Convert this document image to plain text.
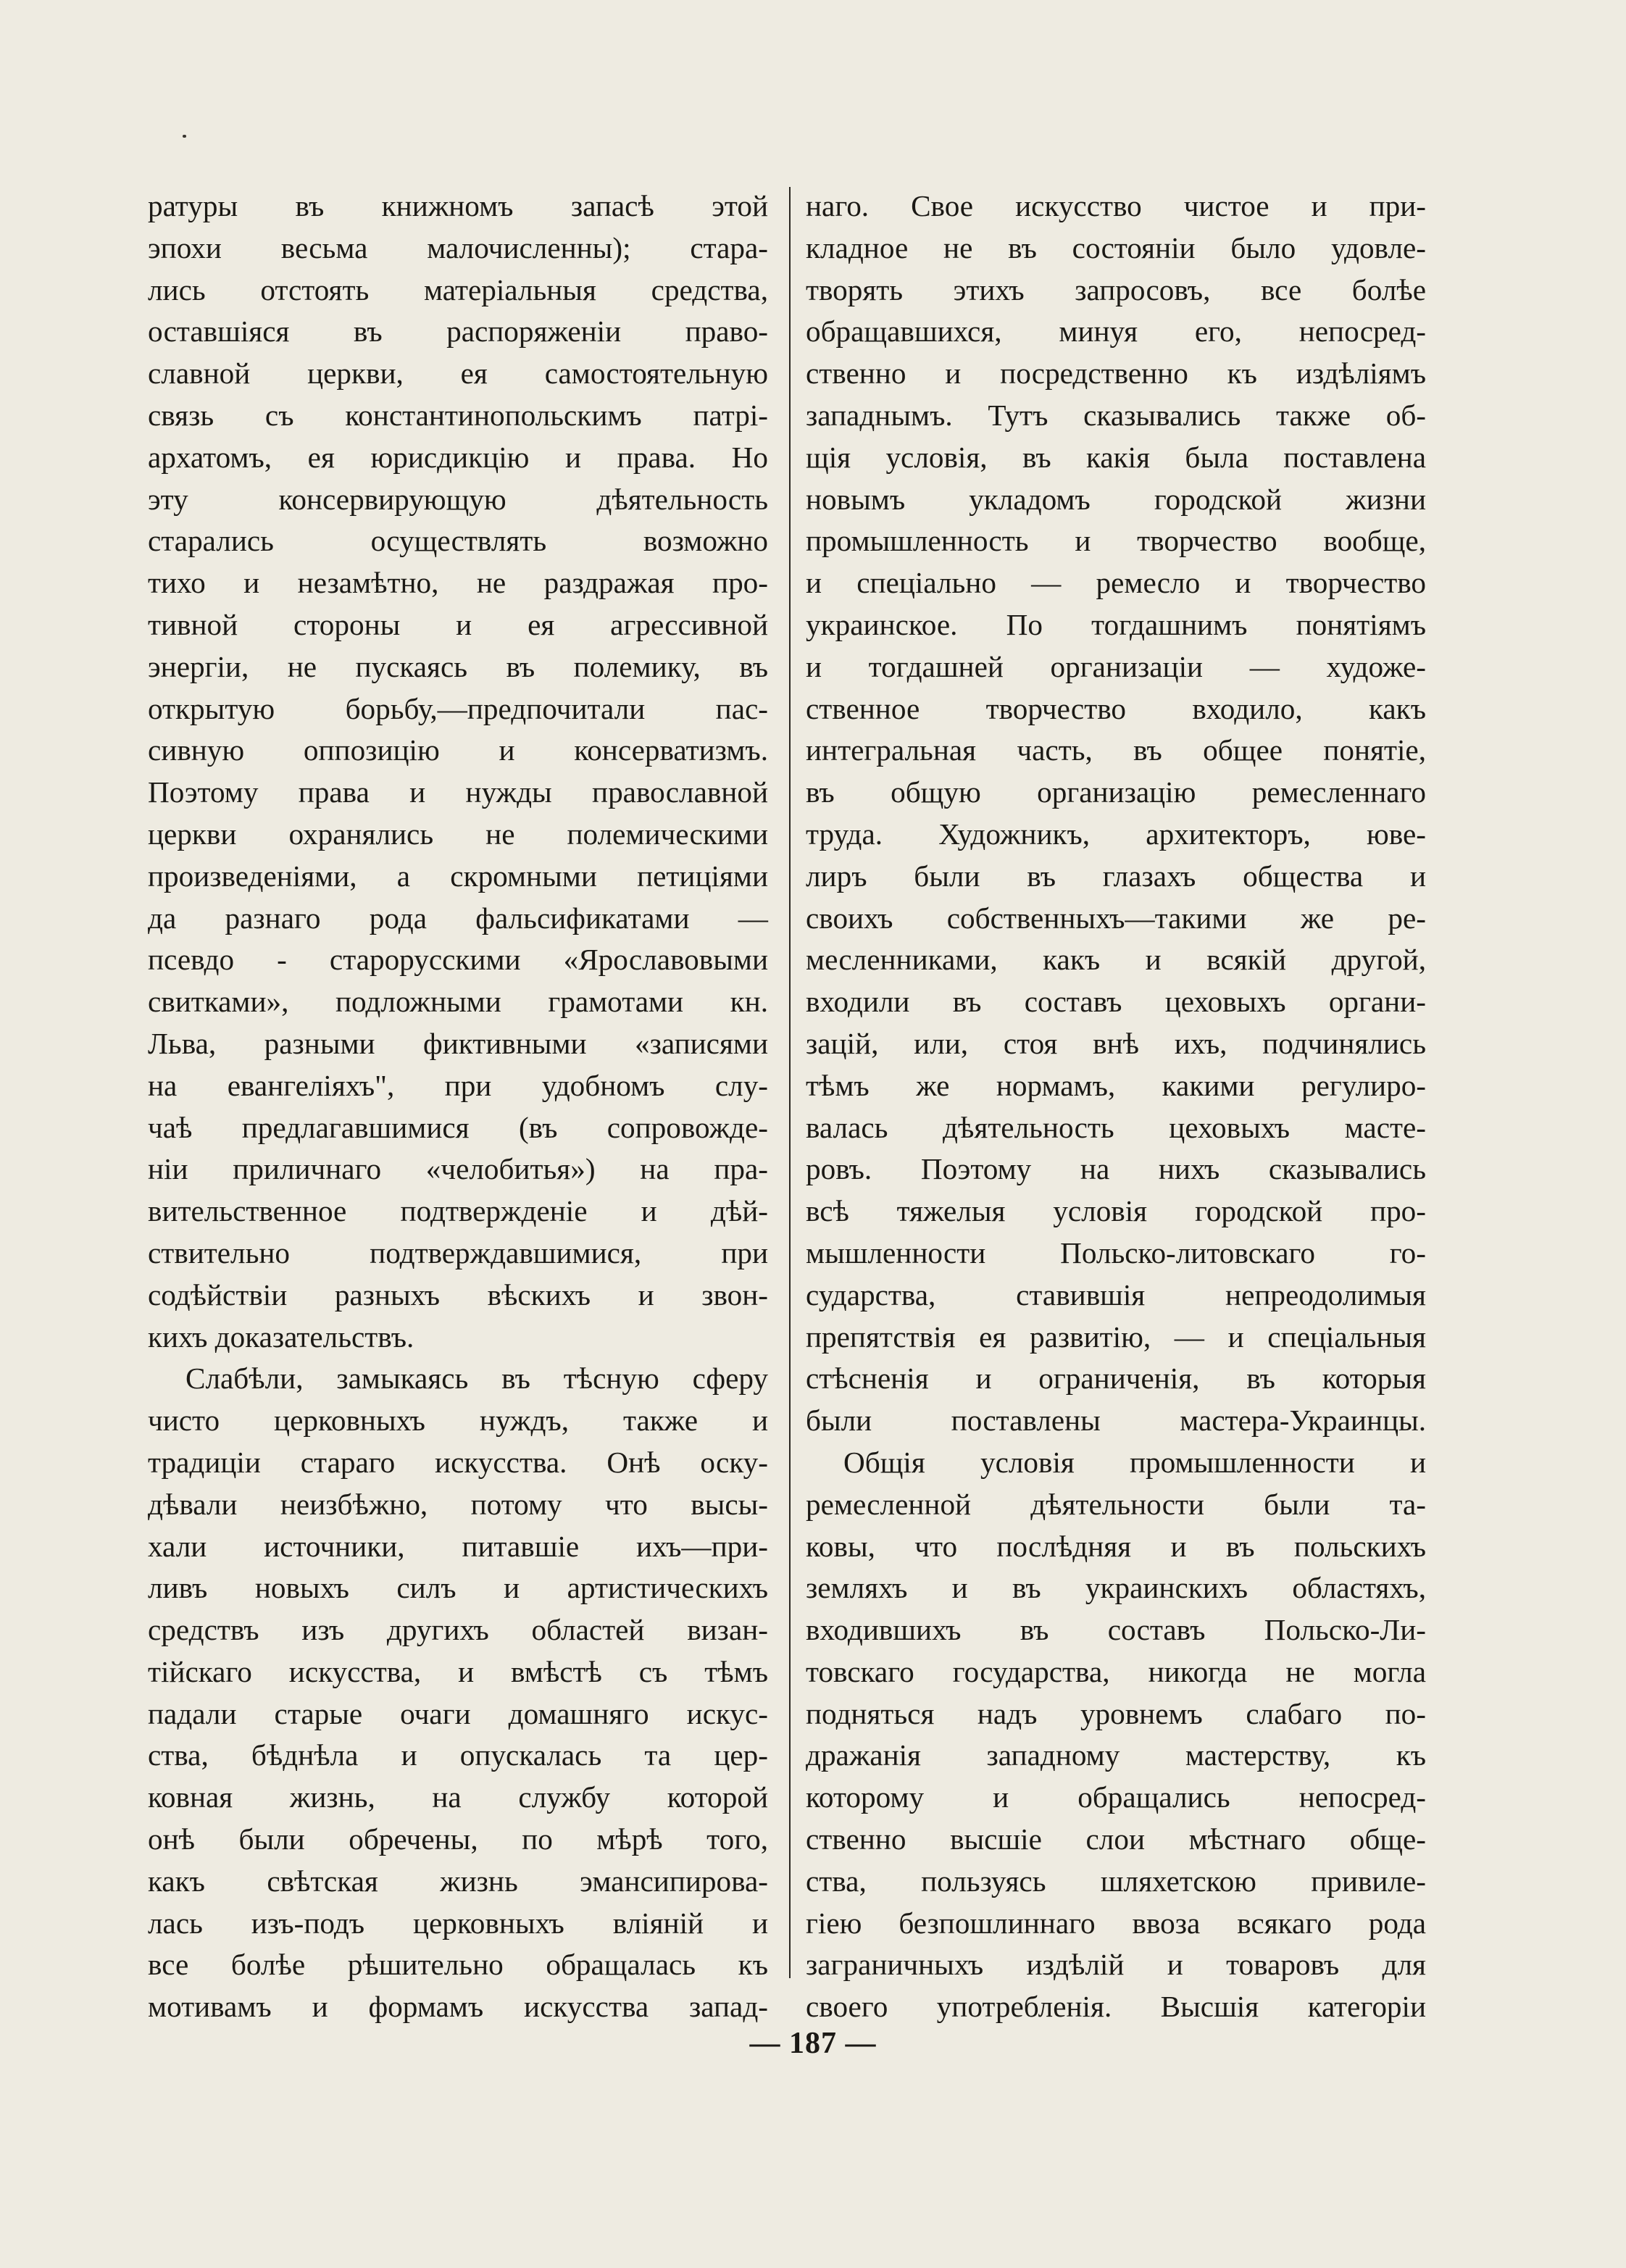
ратуры въ книжномъ запасѣ этой
эпохи весьма малочисленны); стара-
лись отстоять матеріальныя средства,
оставшіяся въ распоряженіи право-
славной церкви, ея самостоятельную
связь съ константинопольскимъ патрі-
архатомъ, ея юрисдикцію и права. Но
эту консервирующую дѣятельность
старались осуществлять возможно
тихо и незамѣтно, не раздражая про-
тивной стороны и ея агрессивной
энергіи, не пускаясь въ полемику, въ
открытую борьбу,—предпочитали пас-
сивную оппозицію и консерватизмъ.
Поэтому права и нужды православной
церкви охранялись не полемическими
произведеніями, а скромными петиціями
да разнаго рода фальсификатами —
псевдо - старорусскими «Ярославовыми
свитками», подложными грамотами кн.
Льва, разными фиктивными «записями
на евангеліяхъ", при удобномъ слу-
чаѣ предлагавшимися (въ сопровожде-
ніи приличнаго «челобитья») на пра-
вительственное подтвержденіе и дѣй-
ствительно подтверждавшимися, при
содѣйствіи разныхъ вѣскихъ и звон-
кихъ доказательствъ.
Слабѣли, замыкаясь въ тѣсную сферу
чисто церковныхъ нуждъ, также и
традиціи стараго искусства. Онѣ оску-
дѣвали неизбѣжно, потому что высы-
хали источники, питавшіе ихъ—при-
ливъ новыхъ силъ и артистическихъ
средствъ изъ другихъ областей визан-
тійскаго искусства, и вмѣстѣ съ тѣмъ
падали старые очаги домашняго искус-
ства, бѣднѣла и опускалась та цер-
ковная жизнь, на службу которой
онѣ были обречены, по мѣрѣ того,
какъ свѣтская жизнь эмансипирова-
лась изъ-подъ церковныхъ вліяній и
все болѣе рѣшительно обращалась къ
мотивамъ и формамъ искусства запад-
наго. Свое искусство чистое и при-
кладное не въ состояніи было удовле-
творять этихъ запросовъ, все болѣе
обращавшихся, минуя его, непосред-
ственно и посредственно къ издѣліямъ
западнымъ. Тутъ сказывались также об-
щія условія, въ какія была поставлена
новымъ укладомъ городской жизни
промышленность и творчество вообще,
и спеціально — ремесло и творчество
украинское. По тогдашнимъ понятіямъ
и тогдашней организаціи — художе-
ственное творчество входило, какъ
интегральная часть, въ общее понятіе,
въ общую организацію ремесленнаго
труда. Художникъ, архитекторъ, юве-
лиръ были въ глазахъ общества и
своихъ собственныхъ—такими же ре-
месленниками, какъ и всякій другой,
входили въ составъ цеховыхъ органи-
зацій, или, стоя внѣ ихъ, подчинялись
тѣмъ же нормамъ, какими регулиро-
валась дѣятельность цеховыхъ масте-
ровъ. Поэтому на нихъ сказывались
всѣ тяжелыя условія городской про-
мышленности Польско-литовскаго го-
сударства, ставившія непреодолимыя
препятствія ея развитію, — и спеціальныя
стѣсненія и ограниченія, въ которыя
были поставлены мастера-Украинцы.
Общія условія промышленности и
ремесленной дѣятельности были та-
ковы, что послѣдняя и въ польскихъ
земляхъ и въ украинскихъ областяхъ,
входившихъ въ составъ Польско-Ли-
товскаго государства, никогда не могла
подняться надъ уровнемъ слабаго по-
дражанія западному мастерству, къ
которому и обращались непосред-
ственно высшіе слои мѣстнаго обще-
ства, пользуясь шляхетскою привиле-
гіею безпошлиннаго ввоза всякаго рода
заграничныхъ издѣлій и товаровъ для
своего употребленія. Высшія категоріи
— 187 —
